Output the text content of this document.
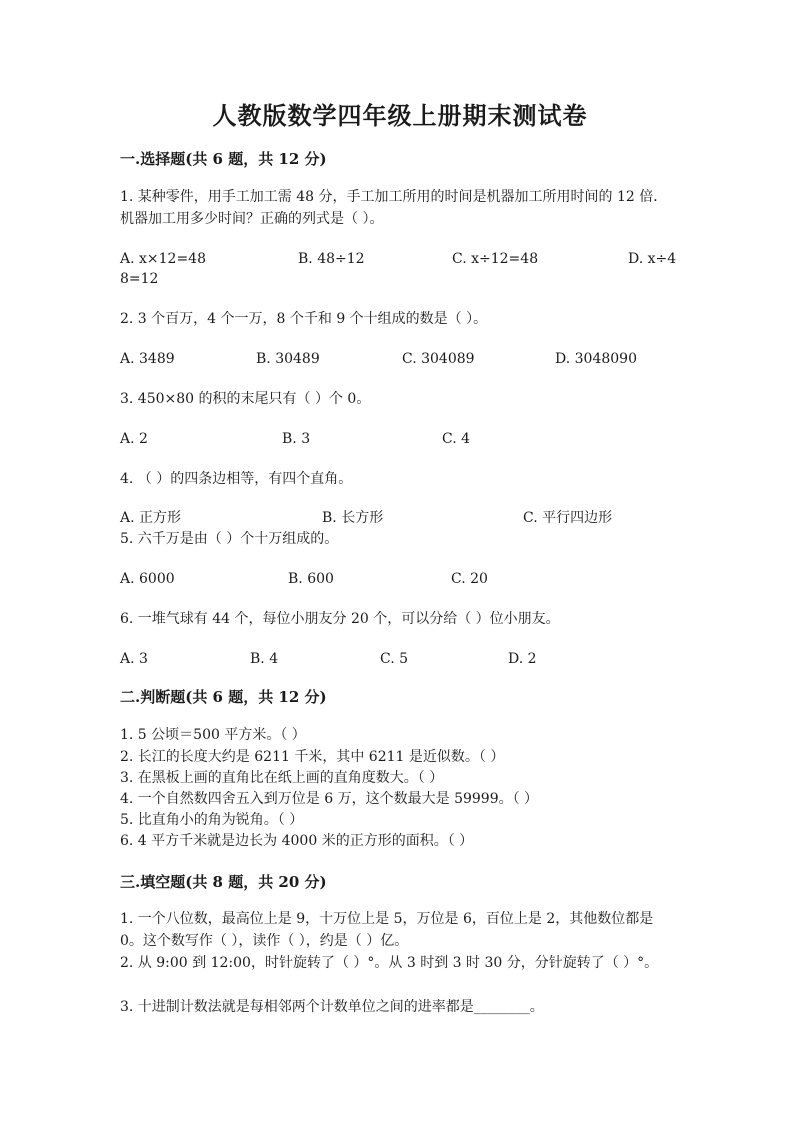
人教版数学四年级上册期末测试卷
一.选择题(共 6 题，共 12 分)
1. 某种零件，用手工加工需 48 分，手工加工所用的时间是机器加工所用时间的 12 倍．机器加工用多少时间？正确的列式是（ ）。
A. x×12=48	B. 48÷12	C. x÷12=48	D. x÷4
8=12
2. 3 个百万，4 个一万，8 个千和 9 个十组成的数是（ ）。
A. 3489	B. 30489	C. 304089	D. 3048090
3. 450×80 的积的末尾只有（ ）个 0。
A. 2	B. 3	C. 4
4. （ ）的四条边相等，有四个直角。
A. 正方形	B. 长方形	C. 平行四边形
5. 六千万是由（ ）个十万组成的。
A. 6000	B. 600	C. 20
6. 一堆气球有 44 个，每位小朋友分 20 个，可以分给（ ）位小朋友。
A. 3	B. 4	C. 5	D. 2
二.判断题(共 6 题，共 12 分)
1. 5 公顷＝500 平方米。（ ）
2. 长江的长度大约是 6211 千米，其中 6211 是近似数。（ ）
3. 在黑板上画的直角比在纸上画的直角度数大。（ ）
4. 一个自然数四舍五入到万位是 6 万，这个数最大是 59999。（ ）
5. 比直角小的角为锐角。（ ）
6. 4 平方千米就是边长为 4000 米的正方形的面积。（ ）
三.填空题(共 8 题，共 20 分)
1. 一个八位数，最高位上是 9，十万位上是 5，万位是 6，百位上是 2，其他数位都是 0。这个数写作（ ），读作（ ），约是（ ）亿。
2. 从 9:00 到 12:00，时针旋转了（ ）°。从 3 时到 3 时 30 分，分针旋转了（ ）°。
3. 十进制计数法就是每相邻两个计数单位之间的进率都是________。
